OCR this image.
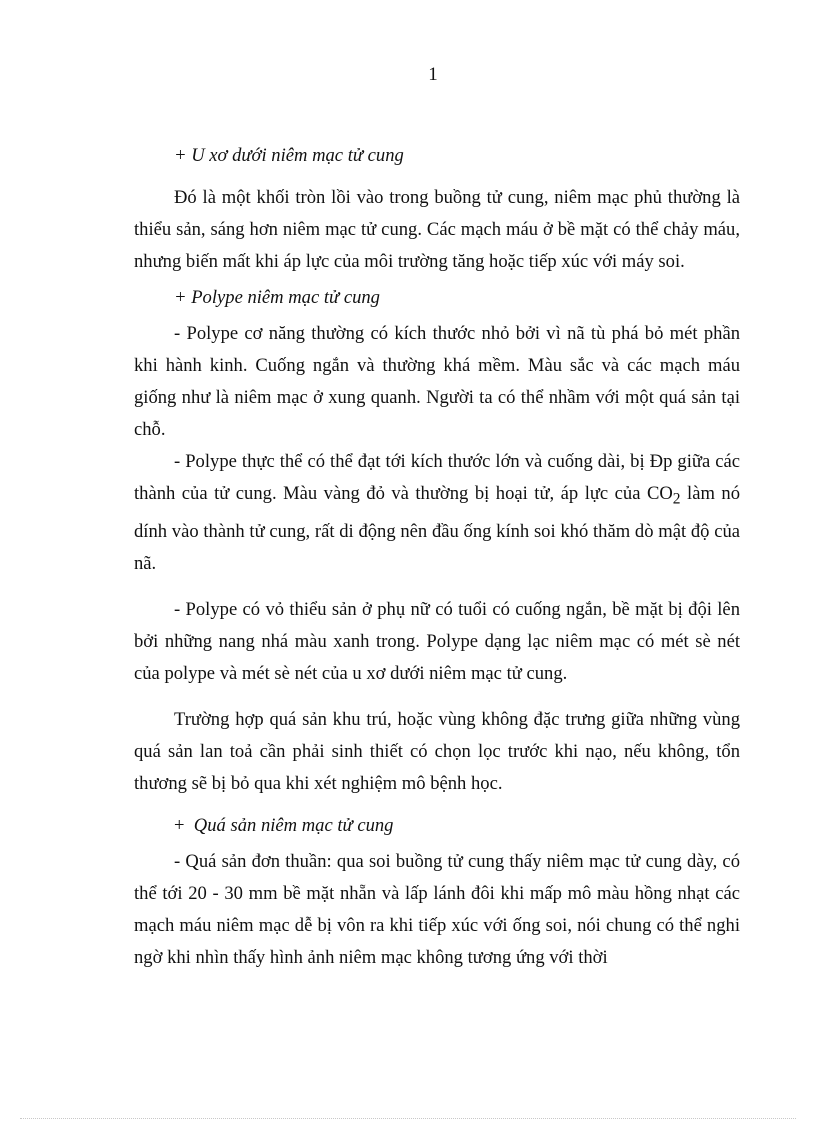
1

+ U xơ dưới niêm mạc tử cung

Đó là một khối tròn lồi vào trong buồng tử cung, niêm mạc phủ thường là thiểu sản, sáng hơn niêm mạc tử cung. Các mạch máu ở bề mặt có thể chảy máu, nhưng biến mất khi áp lực của môi trường tăng hoặc tiếp xúc với máy soi.

+ Polype niêm mạc tử cung

- Polype cơ năng thường có kích thước nhỏ bởi vì nã tù phá bỏ mét phần khi hành kinh. Cuống ngắn và thường khá mềm. Màu sắc và các mạch máu giống như là niêm mạc ở xung quanh. Người ta có thể nhầm với một quá sản tại chỗ.

- Polype thực thể có thể đạt tới kích thước lớn và cuống dài, bị Đp giữa các thành của tử cung. Màu vàng đỏ và thường bị hoại tử, áp lực của $CO_2$ làm nó dính vào thành tử cung, rất di động nên đầu ống kính soi khó thăm dò mật độ của nã.

- Polype có vỏ thiểu sản ở phụ nữ có tuổi có cuống ngắn, bề mặt bị đội lên bởi những nang nhá màu xanh trong. Polype dạng lạc niêm mạc có mét sè nét của polype và mét sè nét của u xơ dưới niêm mạc tử cung.

Trường hợp quá sản khu trú, hoặc vùng không đặc trưng giữa những vùng quá sản lan toả cần phải sinh thiết có chọn lọc trước khi nạo, nếu không, tổn thương sẽ bị bỏ qua khi xét nghiệm mô bệnh học.

+ Quá sản niêm mạc tử cung

- Quá sản đơn thuần: qua soi buồng tử cung thấy niêm mạc tử cung dày, có thể tới 20 - 30 mm bề mặt nhẵn và lấp lánh đôi khi mấp mô màu hồng nhạt các mạch máu niêm mạc dễ bị vôn ra khi tiếp xúc với ống soi, nói chung có thể nghi ngờ khi nhìn thấy hình ảnh niêm mạc không tương ứng với thời
